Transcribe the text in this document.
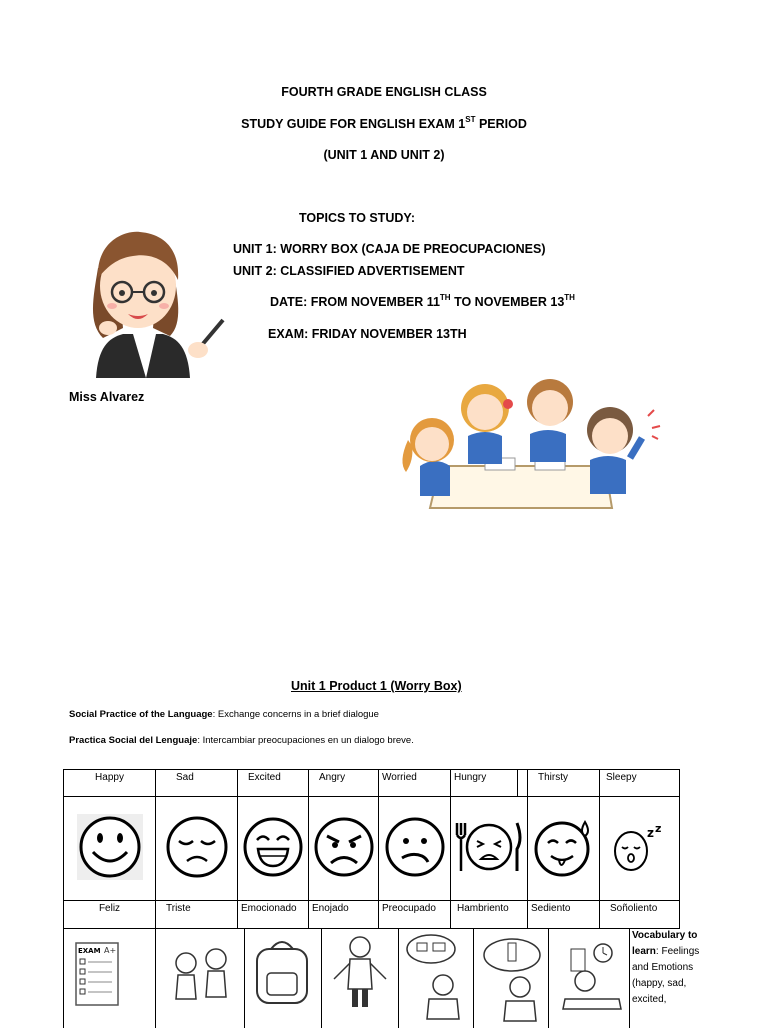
FOURTH GRADE ENGLISH CLASS
STUDY GUIDE FOR ENGLISH EXAM 1ST PERIOD
(UNIT 1 AND UNIT 2)
TOPICS TO STUDY:
UNIT 1: WORRY BOX (CAJA DE PREOCUPACIONES)
UNIT 2: CLASSIFIED ADVERTISEMENT
DATE: FROM NOVEMBER 11TH TO NOVEMBER 13TH
EXAM: FRIDAY NOVEMBER 13TH
Miss Alvarez
Unit 1 Product 1 (Worry Box)
Social Practice of the Language: Exchange concerns in a brief dialogue
Practica Social del Lenguaje: Intercambiar preocupaciones en un dialogo breve.
Happy	Sad	Excited	Angry	Worried	Hungry		Thirsty	Sleepy

z z

Feliz	Triste	Emocionado	Enojado	Preocupado	Hambriento		Sediento	Soñoliento
EXAM A+
Vocabulary to learn: Feelings and Emotions (happy, sad, excited,
